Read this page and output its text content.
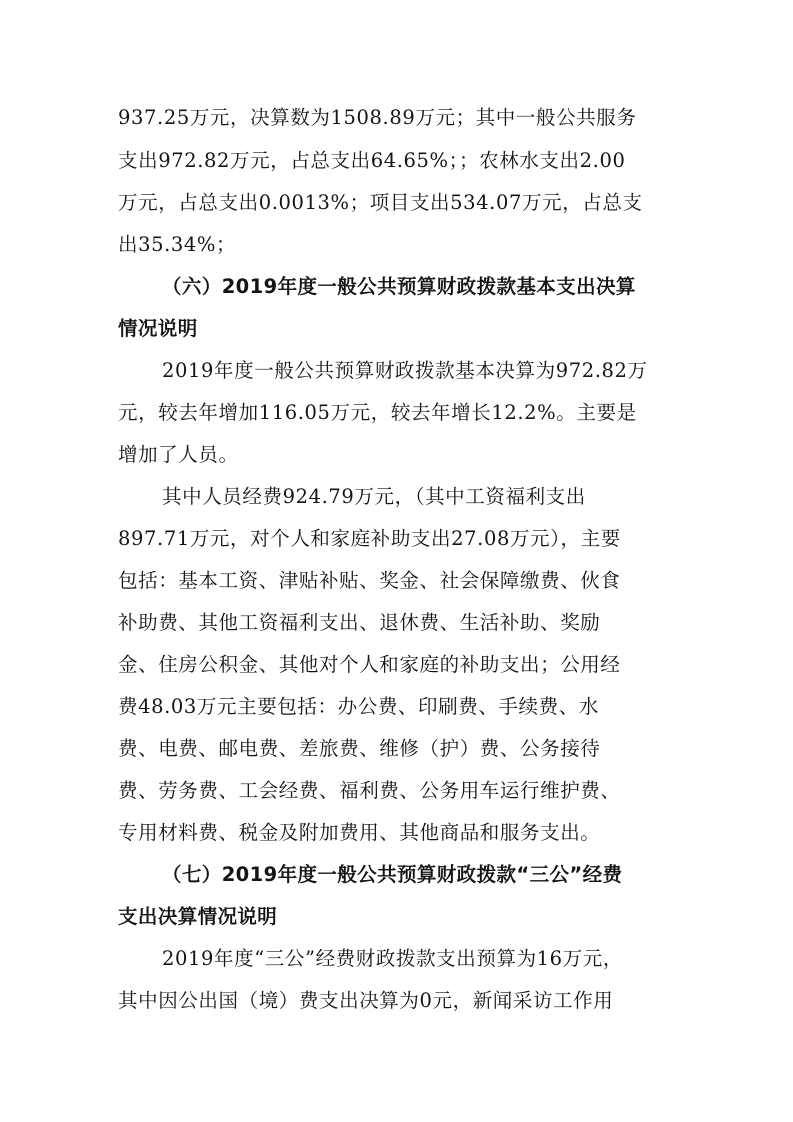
937.25万元，决算数为1508.89万元；其中一般公共服务
支出972.82万元，占总支出64.65%；；农林水支出2.00
万元，占总支出0.0013%；项目支出534.07万元，占总支
出35.34%；
（六）2019年度一般公共预算财政拨款基本支出决算
情况说明
2019年度一般公共预算财政拨款基本决算为972.82万
元，较去年增加116.05万元，较去年增长12.2%。主要是
增加了人员。
其中人员经费924.79万元，（其中工资福利支出
897.71万元，对个人和家庭补助支出27.08万元），主要
包括：基本工资、津贴补贴、奖金、社会保障缴费、伙食
补助费、其他工资福利支出、退休费、生活补助、奖励
金、住房公积金、其他对个人和家庭的补助支出；公用经
费48.03万元主要包括：办公费、印刷费、手续费、水
费、电费、邮电费、差旅费、维修（护）费、公务接待
费、劳务费、工会经费、福利费、公务用车运行维护费、
专用材料费、税金及附加费用、其他商品和服务支出。
（七）2019年度一般公共预算财政拨款“三公”经费
支出决算情况说明
2019年度“三公”经费财政拨款支出预算为16万元，
其中因公出国（境）费支出决算为0元，新闻采访工作用
